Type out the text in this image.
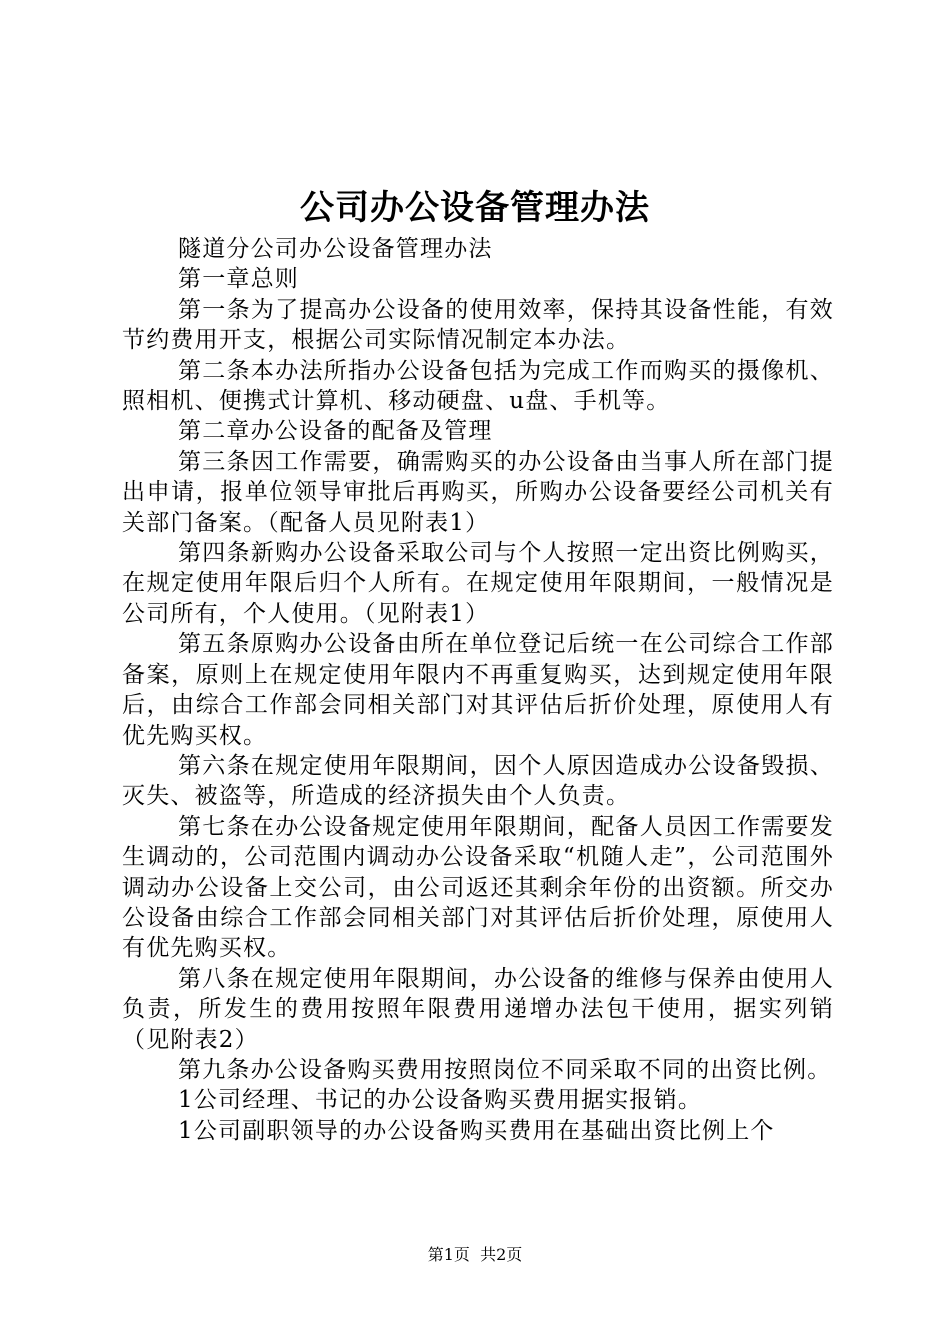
公司办公设备管理办法

隧道分公司办公设备管理办法

第一章总则

第一条为了提高办公设备的使用效率，保持其设备性能，有效节约费用开支，根据公司实际情况制定本办法。

第二条本办法所指办公设备包括为完成工作而购买的摄像机、照相机、便携式计算机、移动硬盘、u盘、手机等。

第二章办公设备的配备及管理

第三条因工作需要，确需购买的办公设备由当事人所在部门提出申请，报单位领导审批后再购买，所购办公设备要经公司机关有关部门备案。（配备人员见附表1）

第四条新购办公设备采取公司与个人按照一定出资比例购买，在规定使用年限后归个人所有。在规定使用年限期间，一般情况是公司所有，个人使用。（见附表1）

第五条原购办公设备由所在单位登记后统一在公司综合工作部备案，原则上在规定使用年限内不再重复购买，达到规定使用年限后，由综合工作部会同相关部门对其评估后折价处理，原使用人有优先购买权。

第六条在规定使用年限期间，因个人原因造成办公设备毁损、灭失、被盗等，所造成的经济损失由个人负责。

第七条在办公设备规定使用年限期间，配备人员因工作需要发生调动的，公司范围内调动办公设备采取“机随人走”，公司范围外调动办公设备上交公司，由公司返还其剩余年份的出资额。所交办公设备由综合工作部会同相关部门对其评估后折价处理，原使用人有优先购买权。

第八条在规定使用年限期间，办公设备的维修与保养由使用人负责，所发生的费用按照年限费用递增办法包干使用，据实列销（见附表2）

第九条办公设备购买费用按照岗位不同采取不同的出资比例。

1公司经理、书记的办公设备购买费用据实报销。

1公司副职领导的办公设备购买费用在基础出资比例上个

第1页 共2页
